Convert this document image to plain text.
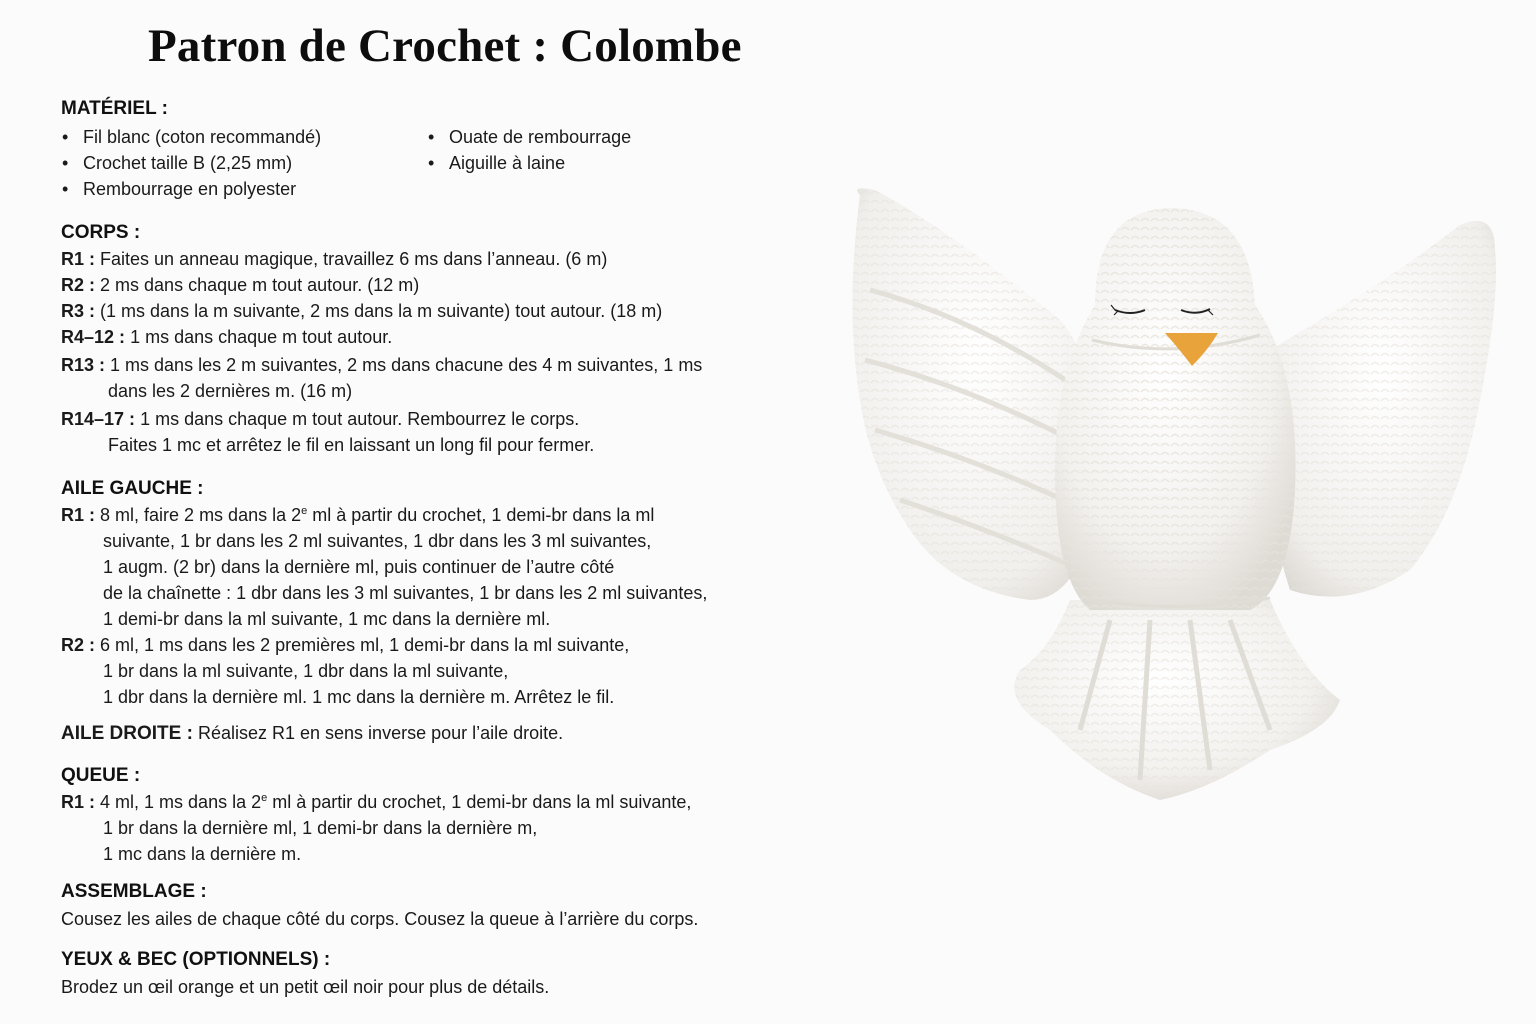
Patron de Crochet : Colombe
MATÉRIEL :
• Fil blanc (coton recommandé)
• Crochet taille B (2,25 mm)
• Rembourrage en polyester
• Ouate de rembourrage
• Aiguille à laine
CORPS :
R1 : Faites un anneau magique, travaillez 6 ms dans l’anneau. (6 m)
R2 : 2 ms dans chaque m tout autour. (12 m)
R3 : (1 ms dans la m suivante, 2 ms dans la m suivante) tout autour. (18 m)
R4–12 : 1 ms dans chaque m tout autour.
R13 : 1 ms dans les 2 m suivantes, 2 ms dans chacune des 4 m suivantes, 1 ms
dans les 2 dernières m. (16 m)
R14–17 : 1 ms dans chaque m tout autour. Rembourrez le corps.
Faites 1 mc et arrêtez le fil en laissant un long fil pour fermer.
AILE GAUCHE :
R1 : 8 ml, faire 2 ms dans la 2e ml à partir du crochet, 1 demi-br dans la ml
suivante, 1 br dans les 2 ml suivantes, 1 dbr dans les 3 ml suivantes,
1 augm. (2 br) dans la dernière ml, puis continuer de l’autre côté
de la chaînette : 1 dbr dans les 3 ml suivantes, 1 br dans les 2 ml suivantes,
1 demi-br dans la ml suivante, 1 mc dans la dernière ml.
R2 : 6 ml, 1 ms dans les 2 premières ml, 1 demi-br dans la ml suivante,
1 br dans la ml suivante, 1 dbr dans la ml suivante,
1 dbr dans la dernière ml. 1 mc dans la dernière m. Arrêtez le fil.
AILE DROITE : Réalisez R1 en sens inverse pour l’aile droite.
QUEUE :
R1 : 4 ml, 1 ms dans la 2e ml à partir du crochet, 1 demi-br dans la ml suivante,
1 br dans la dernière ml, 1 demi-br dans la dernière m,
1 mc dans la dernière m.
ASSEMBLAGE :
Cousez les ailes de chaque côté du corps. Cousez la queue à l’arrière du corps.
YEUX & BEC (OPTIONNELS) :
Brodez un œil orange et un petit œil noir pour plus de détails.
